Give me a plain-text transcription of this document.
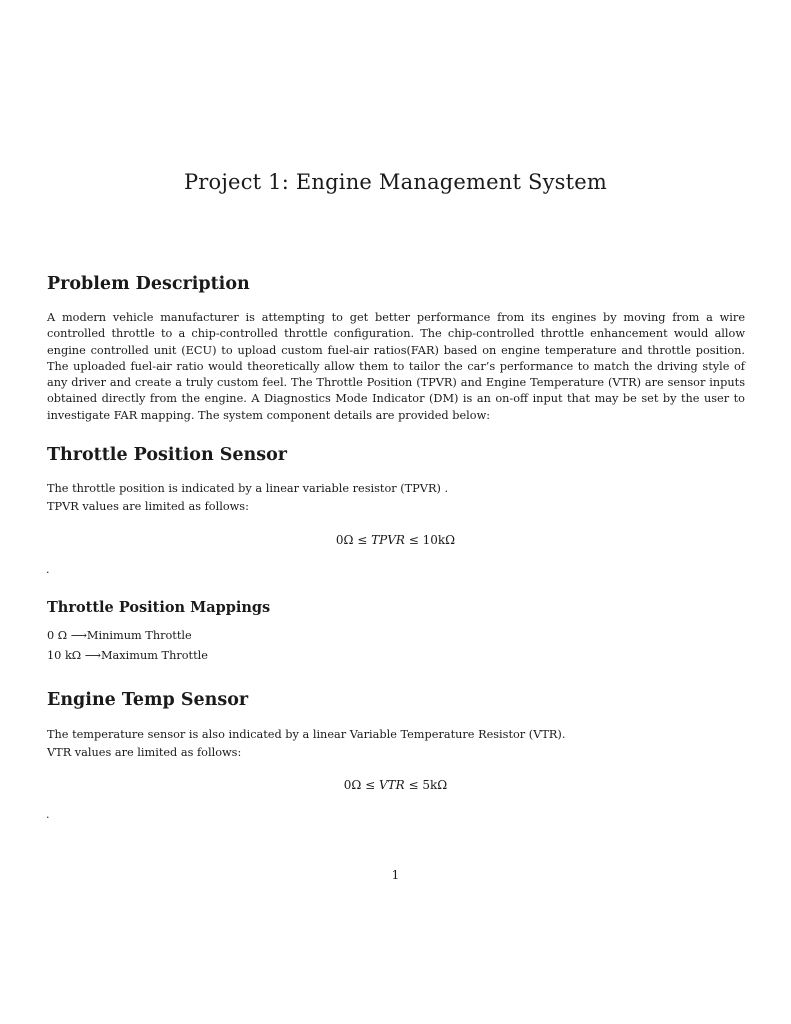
Project 1: Engine Management System
Problem Description

A modern vehicle manufacturer is attempting to get better performance from its engines by moving from a wire controlled throttle to a chip-controlled throttle configuration. The chip-controlled throttle enhancement would allow engine controlled unit (ECU) to upload custom fuel-air ratios(FAR) based on engine temperature and throttle position. The uploaded fuel-air ratio would theoretically allow them to tailor the car’s performance to match the driving style of any driver and create a truly custom feel. The Throttle Position (TPVR) and Engine Temperature (VTR) are sensor inputs obtained directly from the engine. A Diagnostics Mode Indicator (DM) is an on-off input that may be set by the user to investigate FAR mapping. The system component details are provided below:

Throttle Position Sensor

The throttle position is indicated by a linear variable resistor (TPVR) .

TPVR values are limited as follows:

0Ω ≤ TPVR ≤ 10kΩ
.
Throttle Position Mappings

0 Ω ⟶Minimum Throttle

10 kΩ ⟶Maximum Throttle

Engine Temp Sensor

The temperature sensor is also indicated by a linear Variable Temperature Resistor (VTR).

VTR values are limited as follows:

0Ω ≤ VTR ≤ 5kΩ
.
1
